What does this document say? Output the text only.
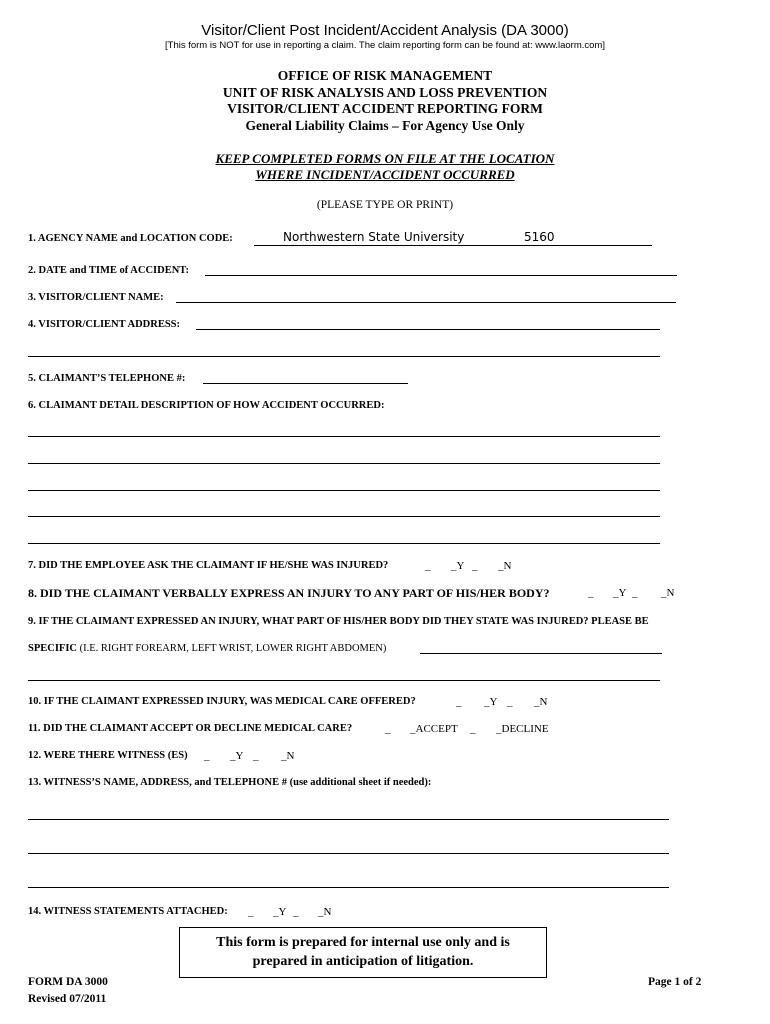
Visitor/Client Post Incident/Accident Analysis (DA 3000)
[This form is NOT for use in reporting a claim. The claim reporting form can be found at: www.laorm.com]
OFFICE OF RISK MANAGEMENT
UNIT OF RISK ANALYSIS AND LOSS PREVENTION
VISITOR/CLIENT ACCIDENT REPORTING FORM
General Liability Claims – For Agency Use Only
KEEP COMPLETED FORMS ON FILE AT THE LOCATION
WHERE INCIDENT/ACCIDENT OCCURRED
(PLEASE TYPE OR PRINT)
1. AGENCY NAME and LOCATION CODE:	Northwestern State University	5160
2. DATE and TIME of ACCIDENT:
3. VISITOR/CLIENT NAME:
4. VISITOR/CLIENT ADDRESS:
5. CLAIMANT’S TELEPHONE #:
6. CLAIMANT DETAIL DESCRIPTION OF HOW ACCIDENT OCCURRED:
7. DID THE EMPLOYEE ASK THE CLAIMANT IF HE/SHE WAS INJURED?	_ _Y _ _N
8. DID THE CLAIMANT VERBALLY EXPRESS AN INJURY TO ANY PART OF HIS/HER BODY?	_ _Y _ _N
9. IF THE CLAIMANT EXPRESSED AN INJURY, WHAT PART OF HIS/HER BODY DID THEY STATE WAS INJURED? PLEASE BE
SPECIFIC (I.E. RIGHT FOREARM, LEFT WRIST, LOWER RIGHT ABDOMEN)
10. IF THE CLAIMANT EXPRESSED INJURY, WAS MEDICAL CARE OFFERED?	_ _Y _ _N
11. DID THE CLAIMANT ACCEPT OR DECLINE MEDICAL CARE?	_ _ACCEPT _ _DECLINE
12. WERE THERE WITNESS (ES) _ _Y _ _N
13. WITNESS’S NAME, ADDRESS, and TELEPHONE # (use additional sheet if needed):
14. WITNESS STATEMENTS ATTACHED: _ _Y _ _N
This form is prepared for internal use only and is
prepared in anticipation of litigation.
FORM DA 3000
Revised 07/2011
Page 1 of 2
